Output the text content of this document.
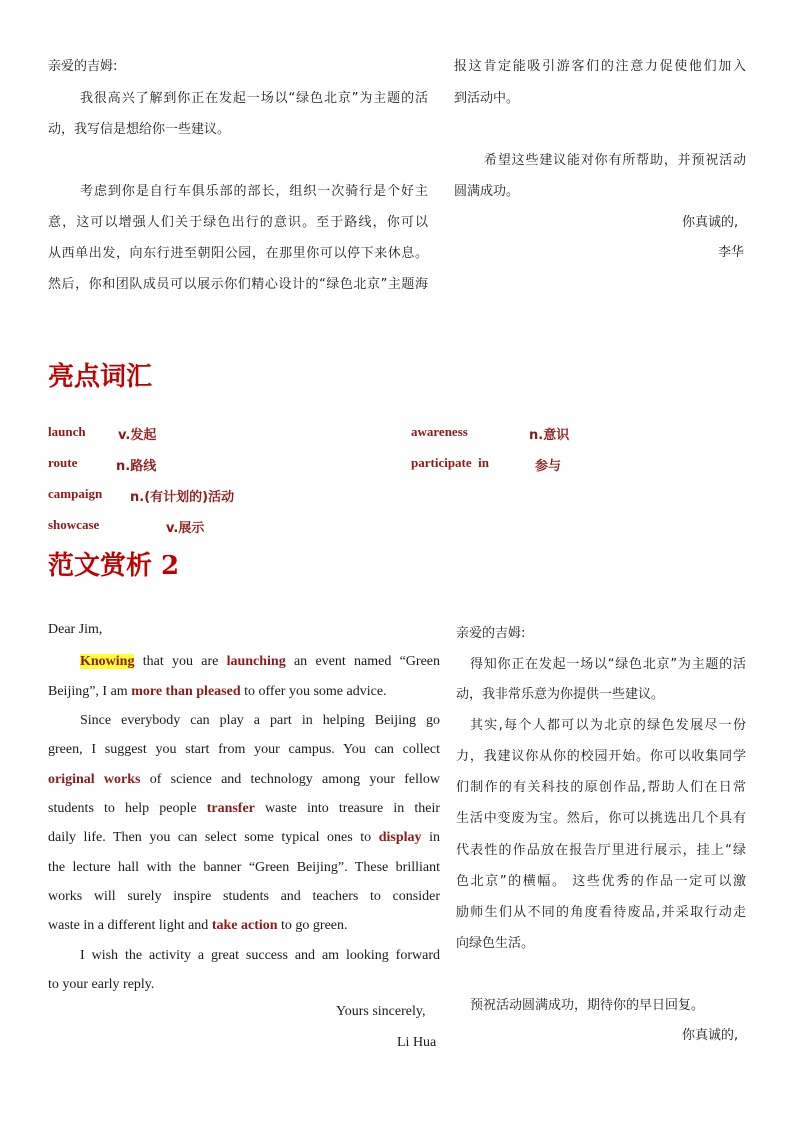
亲爱的吉姆:
我很高兴了解到你正在发起一场以“绿色北京”为主题的活
动，我写信是想给你一些建议。
考虑到你是自行车俱乐部的部长，组织一次骑行是个好主
意，这可以增强人们关于绿色出行的意识。至于路线，你可以
从西单出发，向东行进至朝阳公园，在那里你可以停下来休息。
然后，你和团队成员可以展示你们精心设计的“绿色北京”主题海
报这肯定能吸引游客们的注意力促使他们加入
到活动中。
希望这些建议能对你有所帮助，并预祝活动
圆满成功。
你真诚的,
李华
亮点词汇
launch v.发起	awareness	n.意识
route	n.路线	participate  in	参与
campaign n.(有计划的)活动
showcase	v.展示
范文赏析 2
Dear Jim,
Knowing that you are launching an event named “Green
Beijing”, I am more than pleased to offer you some advice.
Since everybody can play a part in helping Beijing go
green, I suggest you start from your campus. You can collect
original works of science and technology among your fellow
students to help people transfer waste into treasure in their
daily life. Then you can select some typical ones to display in
the lecture hall with the banner “Green Beijing”. These brilliant
works will surely inspire students and teachers to consider
waste in a different light and take action to go green.
I wish the activity a great success and am looking forward
to your early reply.
Yours sincerely,
Li Hua
亲爱的吉姆:
得知你正在发起一场以“绿色北京”为主题的活
动，我非常乐意为你提供一些建议。
其实,每个人都可以为北京的绿色发展尽一份
力，我建议你从你的校园开始。你可以收集同学
们制作的有关科技的原创作品,帮助人们在日常
生活中变废为宝。然后，你可以挑选出几个具有
代表性的作品放在报告厅里进行展示，挂上“绿
色北京”的横幅。 这些优秀的作品一定可以激
励师生们从不同的角度看待废品,并采取行动走
向绿色生活。
预祝活动圆满成功，期待你的早日回复。
你真诚的,
